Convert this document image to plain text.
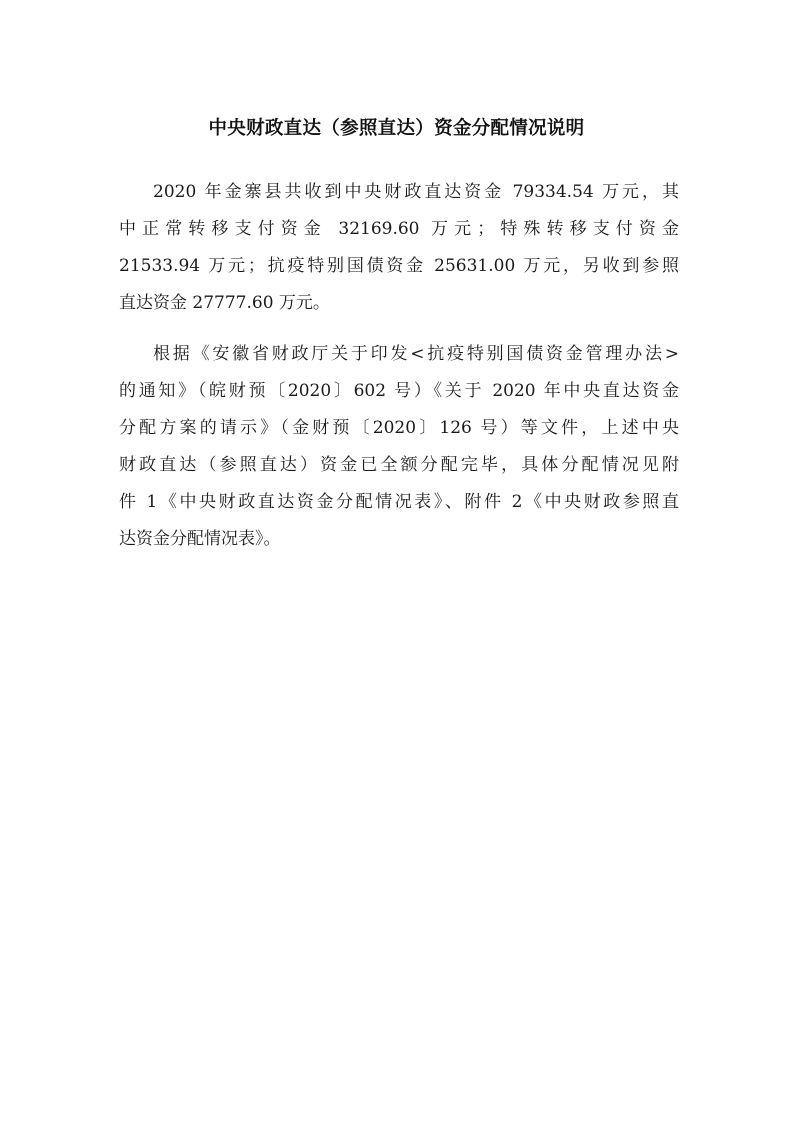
中央财政直达（参照直达）资金分配情况说明
2020 年金寨县共收到中央财政直达资金 79334.54 万元，其
中正常转移支付资金 32169.60 万元；特殊转移支付资金
21533.94 万元；抗疫特别国债资金 25631.00 万元，另收到参照
直达资金 27777.60 万元。
根据《安徽省财政厅关于印发<抗疫特别国债资金管理办法>
的通知》（皖财预〔2020〕602 号）《关于 2020 年中央直达资金
分配方案的请示》（金财预〔2020〕126 号）等文件，上述中央
财政直达（参照直达）资金已全额分配完毕，具体分配情况见附
件 1《中央财政直达资金分配情况表》、附件 2《中央财政参照直
达资金分配情况表》。
